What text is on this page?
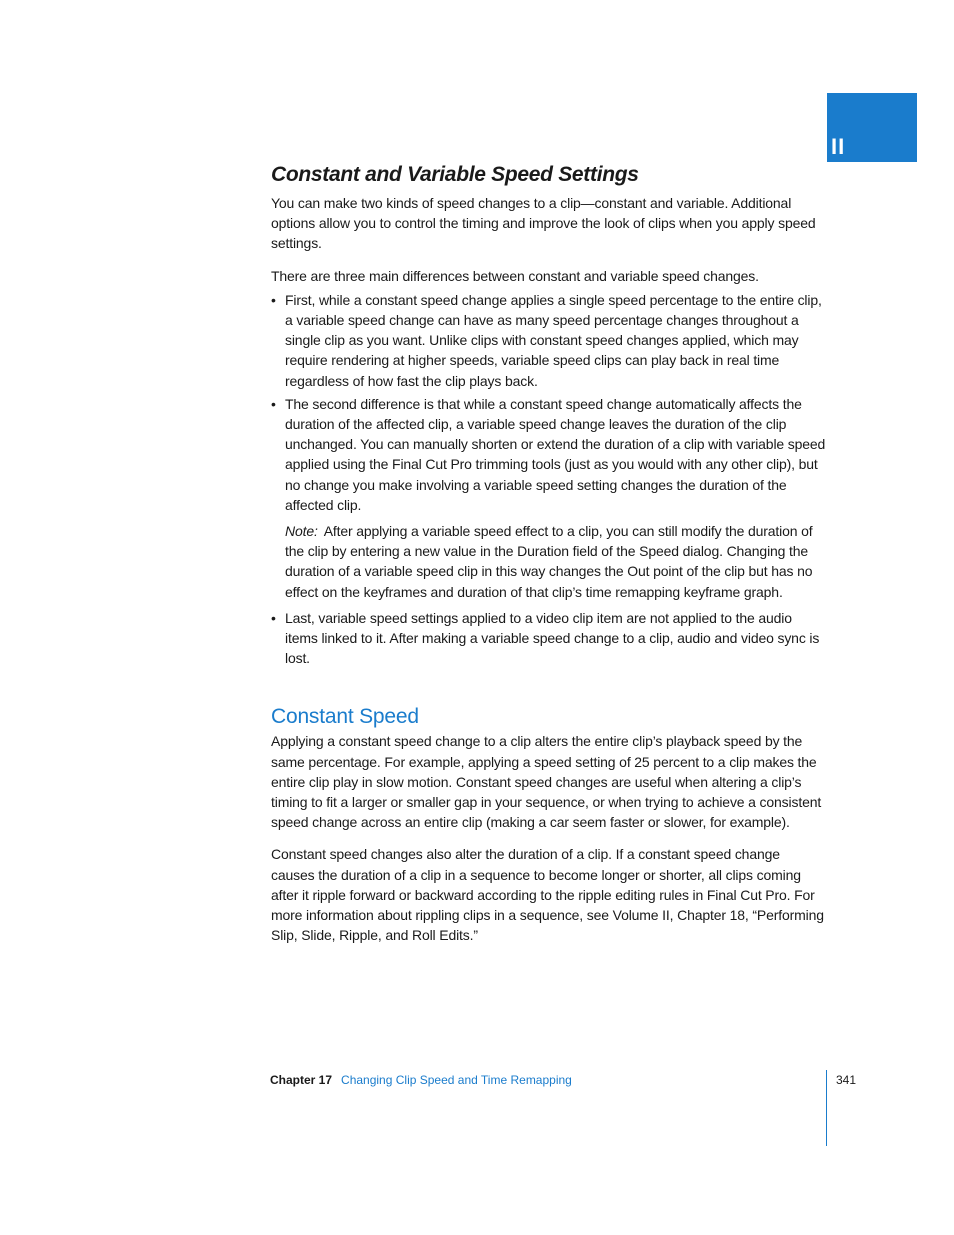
II
Constant and Variable Speed Settings

You can make two kinds of speed changes to a clip—constant and variable. Additional options allow you to control the timing and improve the look of clips when you apply speed settings.

There are three main differences between constant and variable speed changes.

• First, while a constant speed change applies a single speed percentage to the entire clip, a variable speed change can have as many speed percentage changes throughout a single clip as you want. Unlike clips with constant speed changes applied, which may require rendering at higher speeds, variable speed clips can play back in real time regardless of how fast the clip plays back.
• The second difference is that while a constant speed change automatically affects the duration of the affected clip, a variable speed change leaves the duration of the clip unchanged. You can manually shorten or extend the duration of a clip with variable speed applied using the Final Cut Pro trimming tools (just as you would with any other clip), but no change you make involving a variable speed setting changes the duration of the affected clip.
Note: After applying a variable speed effect to a clip, you can still modify the duration of the clip by entering a new value in the Duration field of the Speed dialog. Changing the duration of a variable speed clip in this way changes the Out point of the clip but has no effect on the keyframes and duration of that clip’s time remapping keyframe graph.
• Last, variable speed settings applied to a video clip item are not applied to the audio items linked to it. After making a variable speed change to a clip, audio and video sync is lost.
Constant Speed

Applying a constant speed change to a clip alters the entire clip’s playback speed by the same percentage. For example, applying a speed setting of 25 percent to a clip makes the entire clip play in slow motion. Constant speed changes are useful when altering a clip’s timing to fit a larger or smaller gap in your sequence, or when trying to achieve a consistent speed change across an entire clip (making a car seem faster or slower, for example).

Constant speed changes also alter the duration of a clip. If a constant speed change causes the duration of a clip in a sequence to become longer or shorter, all clips coming after it ripple forward or backward according to the ripple editing rules in Final Cut Pro. For more information about rippling clips in a sequence, see Volume II, Chapter 18, “Performing Slip, Slide, Ripple, and Roll Edits.”

Chapter 17 Changing Clip Speed and Time Remapping	341
